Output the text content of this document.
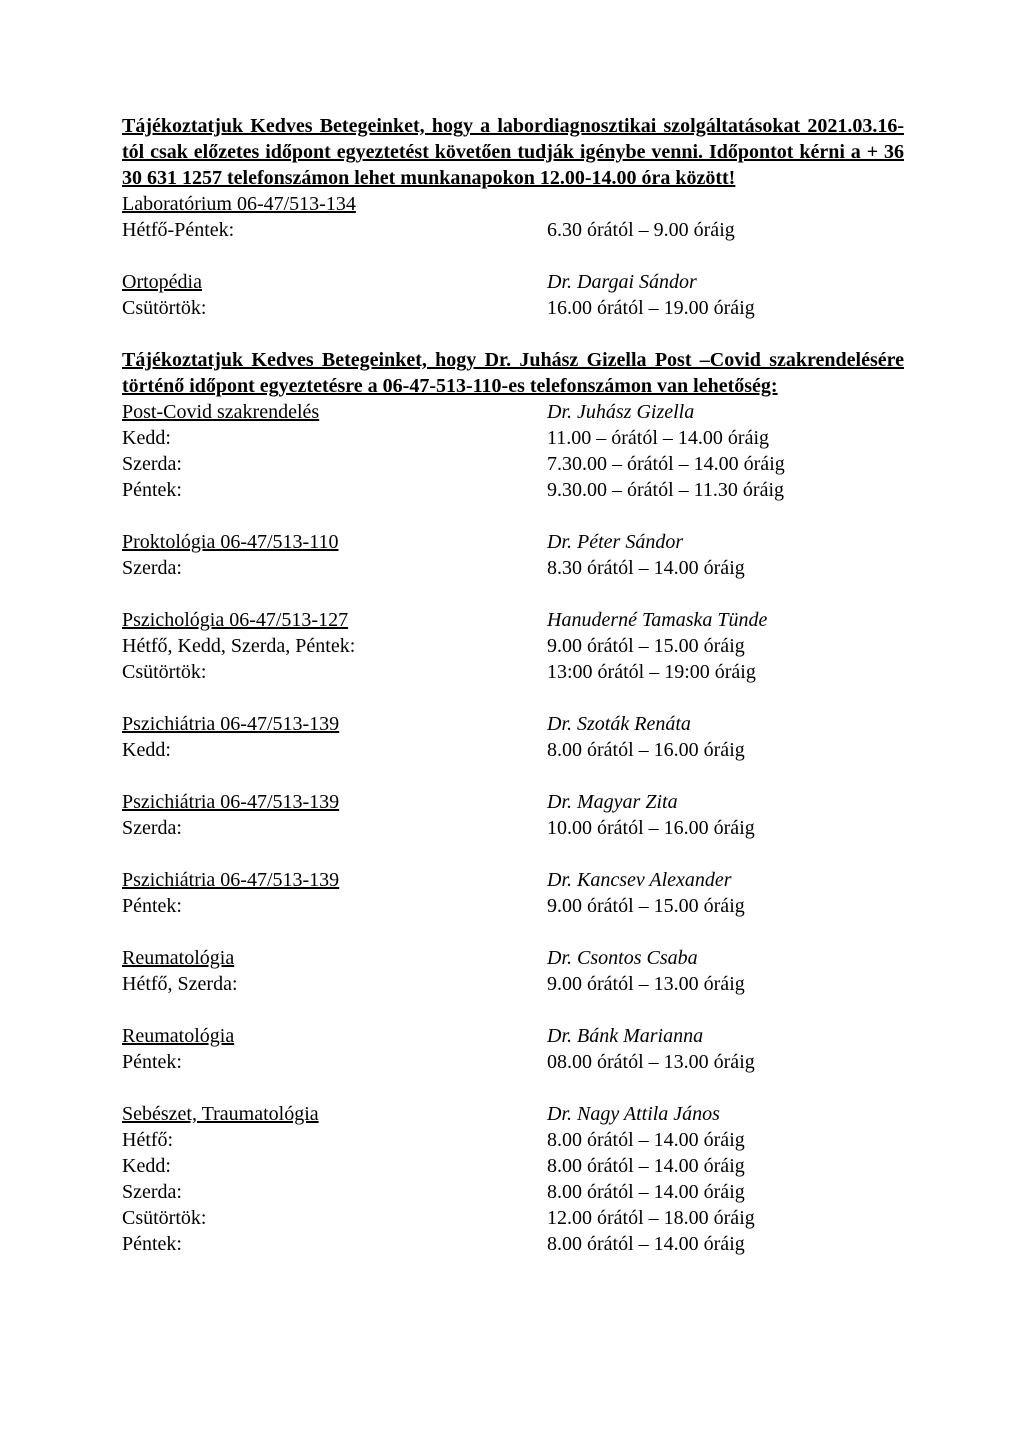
Tájékoztatjuk Kedves Betegeinket, hogy a labordiagnosztikai szolgáltatásokat 2021.03.16-tól csak előzetes időpont egyeztetést követően tudják igénybe venni. Időpontot kérni a + 36 30 631 1257 telefonszámon lehet munkanapokon 12.00-14.00 óra között!

Laboratórium 06-47/513-134
Hétfő-Péntek:	6.30 órától – 9.00 óráig
Ortopédia	Dr. Dargai Sándor
Csütörtök:	16.00 órától – 19.00 óráig

Tájékoztatjuk Kedves Betegeinket, hogy Dr. Juhász Gizella Post –Covid szakrendelésére történő időpont egyeztetésre a 06-47-513-110-es telefonszámon van lehetőség:

Post-Covid szakrendelés	Dr. Juhász Gizella
Kedd:	11.00 – órától – 14.00 óráig
Szerda:	7.30.00 – órától – 14.00 óráig
Péntek:	9.30.00 – órától – 11.30 óráig
Proktológia 06-47/513-110	Dr. Péter Sándor
Szerda:	8.30 órától – 14.00 óráig
Pszichológia 06-47/513-127	Hanuderné Tamaska Tünde
Hétfő, Kedd, Szerda, Péntek:	9.00 órától – 15.00 óráig
Csütörtök:	13:00 órától – 19:00 óráig
Pszichiátria 06-47/513-139	Dr. Szoták Renáta
Kedd:	8.00 órától – 16.00 óráig
Pszichiátria 06-47/513-139	Dr. Magyar Zita
Szerda:	10.00 órától – 16.00 óráig
Pszichiátria 06-47/513-139	Dr. Kancsev Alexander
Péntek:	9.00 órától – 15.00 óráig
Reumatológia	Dr. Csontos Csaba
Hétfő, Szerda:	9.00 órától – 13.00 óráig
Reumatológia	Dr. Bánk Marianna
Péntek:	08.00 órától – 13.00 óráig
Sebészet, Traumatológia	Dr. Nagy Attila János
Hétfő:	8.00 órától – 14.00 óráig
Kedd:	8.00 órától – 14.00 óráig
Szerda:	8.00 órától – 14.00 óráig
Csütörtök:	12.00 órától – 18.00 óráig
Péntek:	8.00 órától – 14.00 óráig
